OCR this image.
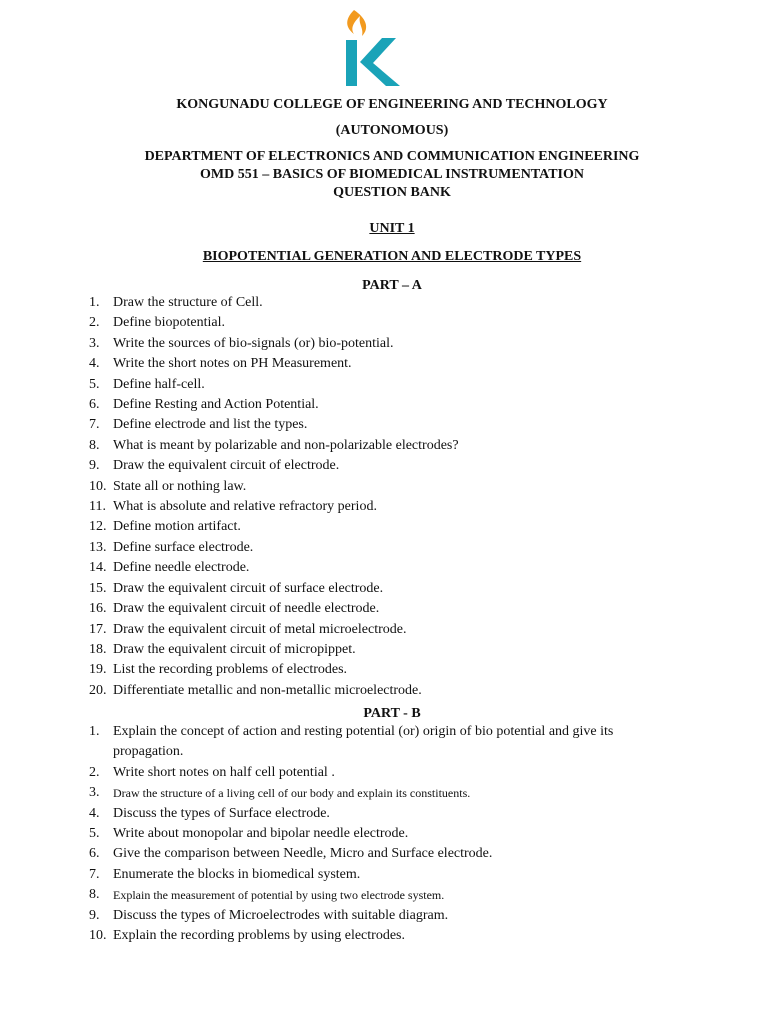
KONGUNADU COLLEGE OF ENGINEERING AND TECHNOLOGY
(AUTONOMOUS)
DEPARTMENT OF ELECTRONICS AND COMMUNICATION ENGINEERING
OMD 551 – BASICS OF BIOMEDICAL INSTRUMENTATION
QUESTION BANK
UNIT 1
BIOPOTENTIAL GENERATION AND ELECTRODE TYPES
PART – A
1. Draw the structure of Cell.
2. Define biopotential.
3. Write the sources of bio-signals (or) bio-potential.
4. Write the short notes on PH Measurement.
5. Define half-cell.
6. Define Resting and Action Potential.
7. Define electrode and list the types.
8. What is meant by polarizable and non-polarizable electrodes?
9. Draw the equivalent circuit of electrode.
10. State all or nothing law.
11. What is absolute and relative refractory period.
12. Define motion artifact.
13. Define surface electrode.
14. Define needle electrode.
15. Draw the equivalent circuit of surface electrode.
16. Draw the equivalent circuit of needle electrode.
17. Draw the equivalent circuit of metal microelectrode.
18. Draw the equivalent circuit of micropippet.
19. List the recording problems of electrodes.
20. Differentiate metallic and non-metallic microelectrode.
PART - B
1. Explain the concept of action and resting potential (or) origin of bio potential and give its propagation.
2. Write short notes on half cell potential .
3. Draw the structure of a living cell of our body and explain its constituents.
4. Discuss the types of Surface electrode.
5. Write about monopolar and bipolar needle electrode.
6. Give the comparison between Needle, Micro and Surface electrode.
7. Enumerate the blocks in biomedical system.
8. Explain the measurement of potential by using two electrode system.
9. Discuss the types of Microelectrodes with suitable diagram.
10. Explain the recording problems by using electrodes.
